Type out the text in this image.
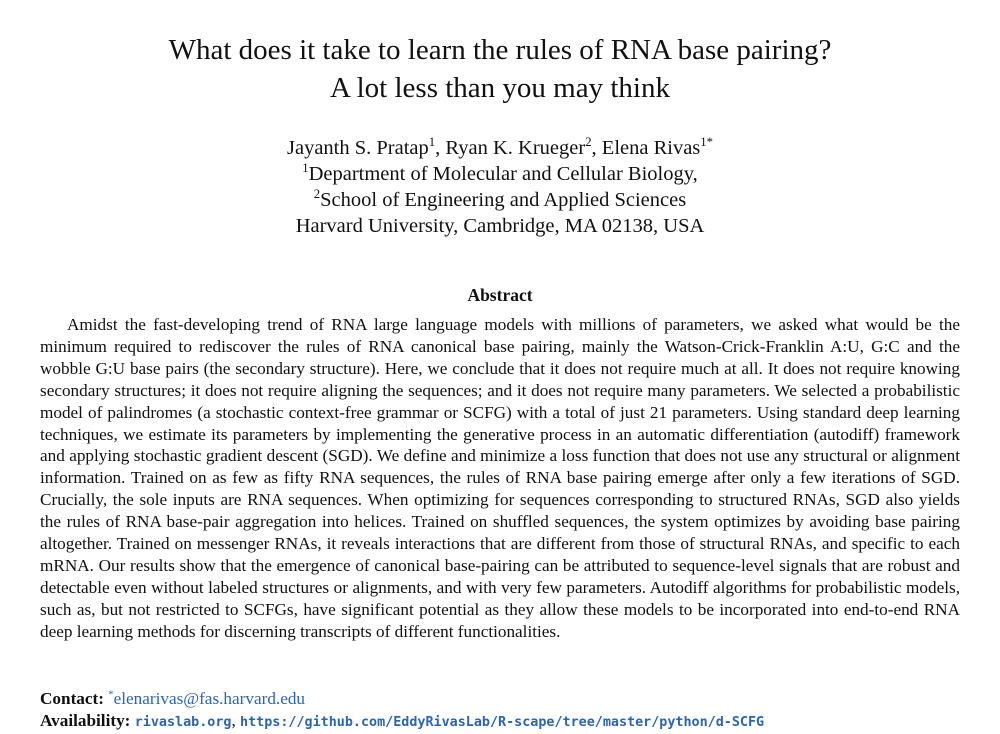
What does it take to learn the rules of RNA base pairing?
A lot less than you may think
Jayanth S. Pratap$^1$, Ryan K. Krueger$^2$, Elena Rivas$^{1*}$
$^1$Department of Molecular and Cellular Biology,
$^2$School of Engineering and Applied Sciences
Harvard University, Cambridge, MA 02138, USA
Abstract

Amidst the fast-developing trend of RNA large language models with millions of parameters, we asked what would be the minimum required to rediscover the rules of RNA canonical base pairing, mainly the Watson-Crick-Franklin A:U, G:C and the wobble G:U base pairs (the secondary structure). Here, we conclude that it does not require much at all. It does not require knowing secondary structures; it does not require aligning the sequences; and it does not require many parameters. We selected a probabilistic model of palindromes (a stochastic context-free grammar or SCFG) with a total of just 21 parameters. Using standard deep learning techniques, we estimate its parameters by implementing the generative process in an automatic differentiation (autodiff) framework and applying stochastic gradient descent (SGD). We define and minimize a loss function that does not use any structural or alignment information. Trained on as few as fifty RNA sequences, the rules of RNA base pairing emerge after only a few iterations of SGD. Crucially, the sole inputs are RNA sequences. When optimizing for sequences corresponding to structured RNAs, SGD also yields the rules of RNA base-pair aggregation into helices. Trained on shuffled sequences, the system optimizes by avoiding base pairing altogether. Trained on messenger RNAs, it reveals interactions that are different from those of structural RNAs, and specific to each mRNA. Our results show that the emergence of canonical base-pairing can be attributed to sequence-level signals that are robust and detectable even without labeled structures or alignments, and with very few parameters. Autodiff algorithms for probabilistic models, such as, but not restricted to SCFGs, have significant potential as they allow these models to be incorporated into end-to-end RNA deep learning methods for discerning transcripts of different functionalities.

Contact: *elenarivas@fas.harvard.edu
Availability: rivaslab.org, https://github.com/EddyRivasLab/R-scape/tree/master/python/d-SCFG
